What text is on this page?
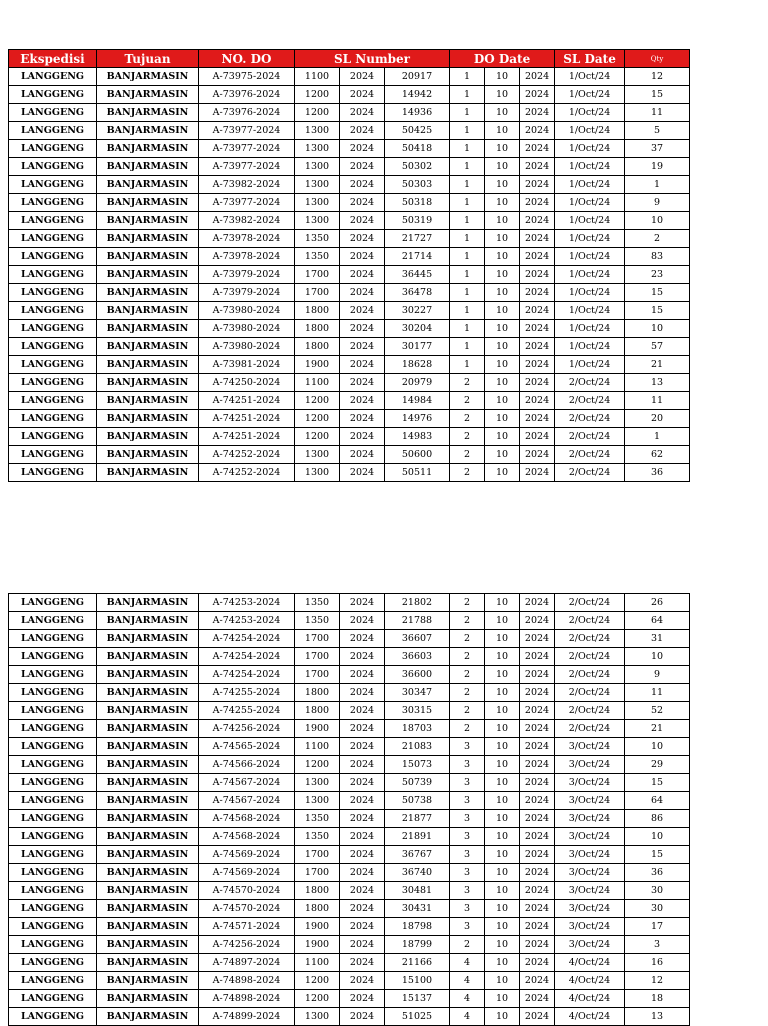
Ekspedisi	Tujuan	NO. DO	SL Number			DO Date			SL Date	Qty
LANGGENG	BANJARMASIN	A-73975-2024	1100	2024	20917	1	10	2024	1/Oct/24	12
LANGGENG	BANJARMASIN	A-73976-2024	1200	2024	14942	1	10	2024	1/Oct/24	15
LANGGENG	BANJARMASIN	A-73976-2024	1200	2024	14936	1	10	2024	1/Oct/24	11
LANGGENG	BANJARMASIN	A-73977-2024	1300	2024	50425	1	10	2024	1/Oct/24	5
LANGGENG	BANJARMASIN	A-73977-2024	1300	2024	50418	1	10	2024	1/Oct/24	37
LANGGENG	BANJARMASIN	A-73977-2024	1300	2024	50302	1	10	2024	1/Oct/24	19
LANGGENG	BANJARMASIN	A-73982-2024	1300	2024	50303	1	10	2024	1/Oct/24	1
LANGGENG	BANJARMASIN	A-73977-2024	1300	2024	50318	1	10	2024	1/Oct/24	9
LANGGENG	BANJARMASIN	A-73982-2024	1300	2024	50319	1	10	2024	1/Oct/24	10
LANGGENG	BANJARMASIN	A-73978-2024	1350	2024	21727	1	10	2024	1/Oct/24	2
LANGGENG	BANJARMASIN	A-73978-2024	1350	2024	21714	1	10	2024	1/Oct/24	83
LANGGENG	BANJARMASIN	A-73979-2024	1700	2024	36445	1	10	2024	1/Oct/24	23
LANGGENG	BANJARMASIN	A-73979-2024	1700	2024	36478	1	10	2024	1/Oct/24	15
LANGGENG	BANJARMASIN	A-73980-2024	1800	2024	30227	1	10	2024	1/Oct/24	15
LANGGENG	BANJARMASIN	A-73980-2024	1800	2024	30204	1	10	2024	1/Oct/24	10
LANGGENG	BANJARMASIN	A-73980-2024	1800	2024	30177	1	10	2024	1/Oct/24	57
LANGGENG	BANJARMASIN	A-73981-2024	1900	2024	18628	1	10	2024	1/Oct/24	21
LANGGENG	BANJARMASIN	A-74250-2024	1100	2024	20979	2	10	2024	2/Oct/24	13
LANGGENG	BANJARMASIN	A-74251-2024	1200	2024	14984	2	10	2024	2/Oct/24	11
LANGGENG	BANJARMASIN	A-74251-2024	1200	2024	14976	2	10	2024	2/Oct/24	20
LANGGENG	BANJARMASIN	A-74251-2024	1200	2024	14983	2	10	2024	2/Oct/24	1
LANGGENG	BANJARMASIN	A-74252-2024	1300	2024	50600	2	10	2024	2/Oct/24	62
LANGGENG	BANJARMASIN	A-74252-2024	1300	2024	50511	2	10	2024	2/Oct/24	36
LANGGENG	BANJARMASIN	A-74253-2024	1350	2024	21802	2	10	2024	2/Oct/24	26
LANGGENG	BANJARMASIN	A-74253-2024	1350	2024	21788	2	10	2024	2/Oct/24	64
LANGGENG	BANJARMASIN	A-74254-2024	1700	2024	36607	2	10	2024	2/Oct/24	31
LANGGENG	BANJARMASIN	A-74254-2024	1700	2024	36603	2	10	2024	2/Oct/24	10
LANGGENG	BANJARMASIN	A-74254-2024	1700	2024	36600	2	10	2024	2/Oct/24	9
LANGGENG	BANJARMASIN	A-74255-2024	1800	2024	30347	2	10	2024	2/Oct/24	11
LANGGENG	BANJARMASIN	A-74255-2024	1800	2024	30315	2	10	2024	2/Oct/24	52
LANGGENG	BANJARMASIN	A-74256-2024	1900	2024	18703	2	10	2024	2/Oct/24	21
LANGGENG	BANJARMASIN	A-74565-2024	1100	2024	21083	3	10	2024	3/Oct/24	10
LANGGENG	BANJARMASIN	A-74566-2024	1200	2024	15073	3	10	2024	3/Oct/24	29
LANGGENG	BANJARMASIN	A-74567-2024	1300	2024	50739	3	10	2024	3/Oct/24	15
LANGGENG	BANJARMASIN	A-74567-2024	1300	2024	50738	3	10	2024	3/Oct/24	64
LANGGENG	BANJARMASIN	A-74568-2024	1350	2024	21877	3	10	2024	3/Oct/24	86
LANGGENG	BANJARMASIN	A-74568-2024	1350	2024	21891	3	10	2024	3/Oct/24	10
LANGGENG	BANJARMASIN	A-74569-2024	1700	2024	36767	3	10	2024	3/Oct/24	15
LANGGENG	BANJARMASIN	A-74569-2024	1700	2024	36740	3	10	2024	3/Oct/24	36
LANGGENG	BANJARMASIN	A-74570-2024	1800	2024	30481	3	10	2024	3/Oct/24	30
LANGGENG	BANJARMASIN	A-74570-2024	1800	2024	30431	3	10	2024	3/Oct/24	30
LANGGENG	BANJARMASIN	A-74571-2024	1900	2024	18798	3	10	2024	3/Oct/24	17
LANGGENG	BANJARMASIN	A-74256-2024	1900	2024	18799	2	10	2024	3/Oct/24	3
LANGGENG	BANJARMASIN	A-74897-2024	1100	2024	21166	4	10	2024	4/Oct/24	16
LANGGENG	BANJARMASIN	A-74898-2024	1200	2024	15100	4	10	2024	4/Oct/24	12
LANGGENG	BANJARMASIN	A-74898-2024	1200	2024	15137	4	10	2024	4/Oct/24	18
LANGGENG	BANJARMASIN	A-74899-2024	1300	2024	51025	4	10	2024	4/Oct/24	13
